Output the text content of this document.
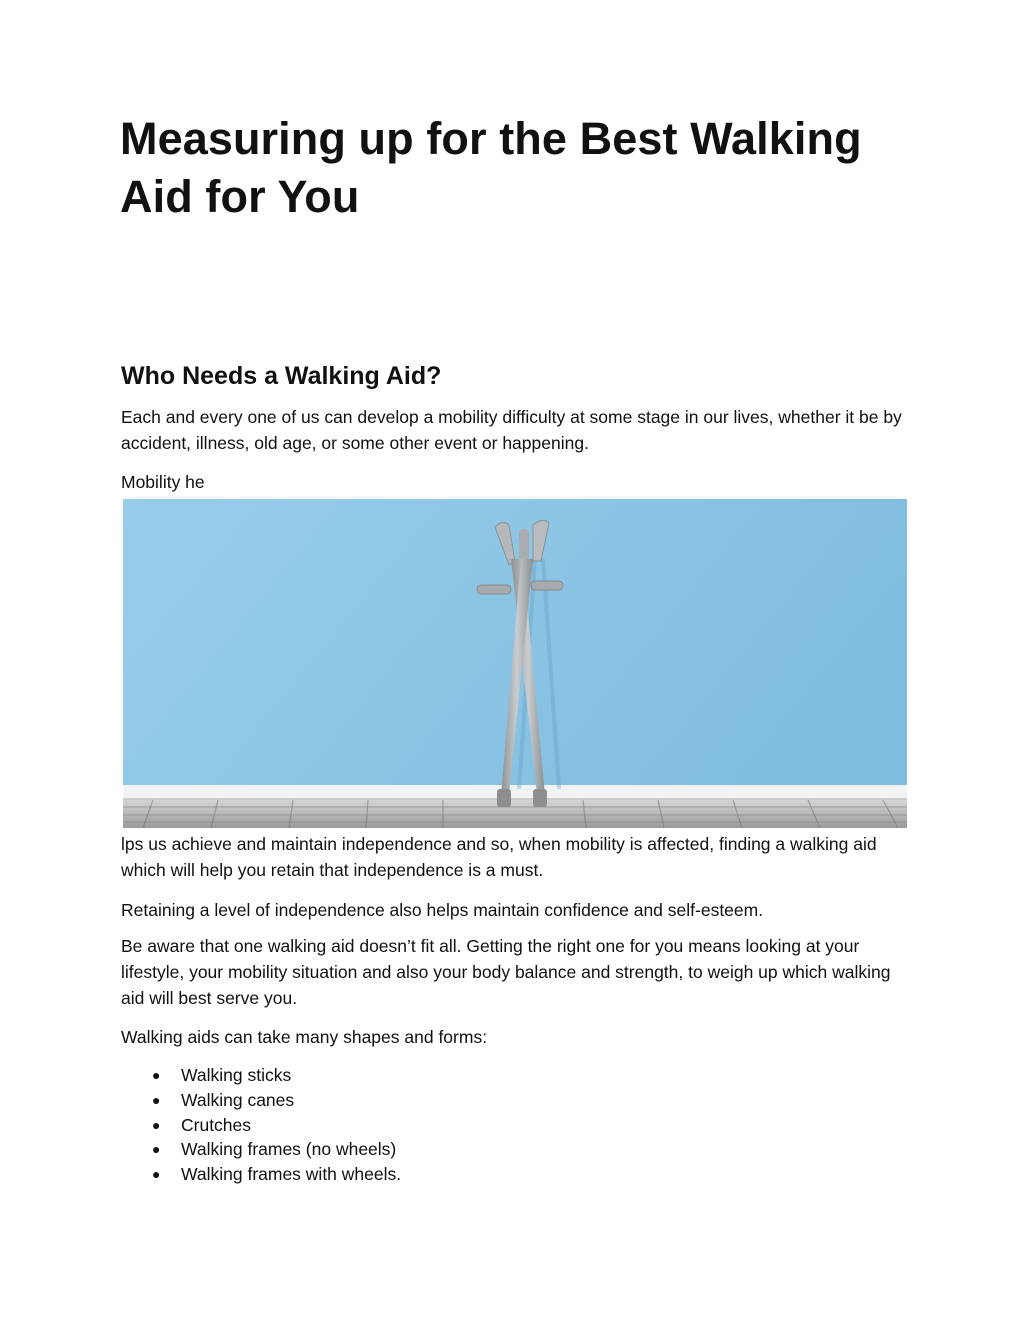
Measuring up for the Best Walking Aid for You
Who Needs a Walking Aid?

Each and every one of us can develop a mobility difficulty at some stage in our lives, whether it be by accident, illness, old age, or some other event or happening.

Mobility he

lps us achieve and maintain independence and so, when mobility is affected, finding a walking aid which will help you retain that independence is a must.

Retaining a level of independence also helps maintain confidence and self-esteem.

Be aware that one walking aid doesn’t fit all. Getting the right one for you means looking at your lifestyle, your mobility situation and also your body balance and strength, to weigh up which walking aid will best serve you.

Walking aids can take many shapes and forms:

● Walking sticks
● Walking canes
● Crutches
● Walking frames (no wheels)
● Walking frames with wheels.
